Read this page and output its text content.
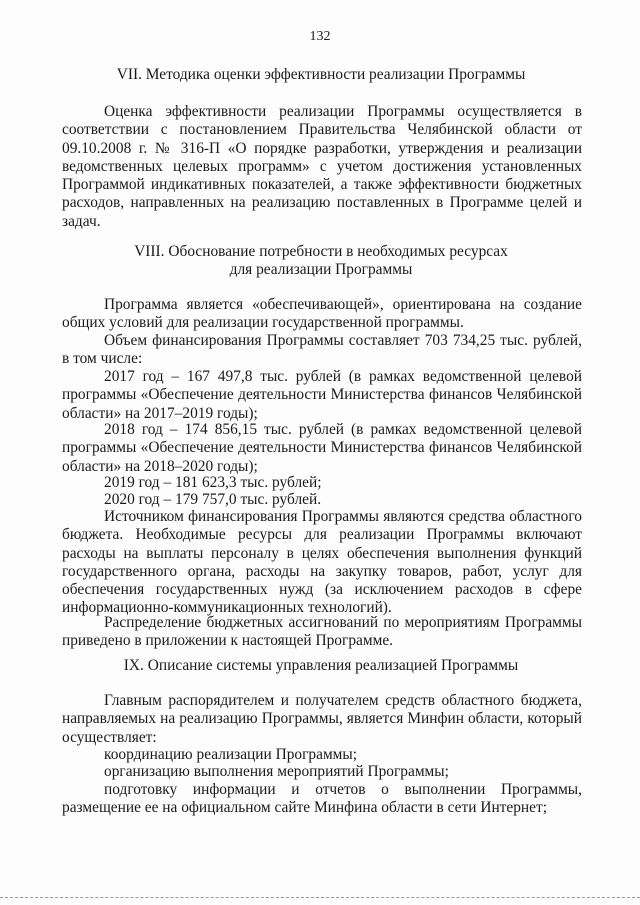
132
VII. Методика оценки эффективности реализации Программы
Оценка эффективности реализации Программы осуществляется в соответствии с постановлением Правительства Челябинской области от 09.10.2008 г. № 316-П «О порядке разработки, утверждения и реализации ведомственных целевых программ» с учетом достижения установленных Программой индикативных показателей, а также эффективности бюджетных расходов, направленных на реализацию поставленных в Программе целей и задач.
VIII. Обоснование потребности в необходимых ресурсах
для реализации Программы
Программа является «обеспечивающей», ориентирована на создание общих условий для реализации государственной программы.
Объем финансирования Программы составляет 703 734,25 тыс. рублей, в том числе:
2017 год – 167 497,8 тыс. рублей (в рамках ведомственной целевой программы «Обеспечение деятельности Министерства финансов Челябинской области» на 2017–2019 годы);
2018 год – 174 856,15 тыс. рублей (в рамках ведомственной целевой программы «Обеспечение деятельности Министерства финансов Челябинской области» на 2018–2020 годы);
2019 год – 181 623,3 тыс. рублей;
2020 год – 179 757,0 тыс. рублей.
Источником финансирования Программы являются средства областного бюджета. Необходимые ресурсы для реализации Программы включают расходы на выплаты персоналу в целях обеспечения выполнения функций государственного органа, расходы на закупку товаров, работ, услуг для обеспечения государственных нужд (за исключением расходов в сфере информационно-коммуникационных технологий).
Распределение бюджетных ассигнований по мероприятиям Программы приведено в приложении к настоящей Программе.
IX. Описание системы управления реализацией Программы
Главным распорядителем и получателем средств областного бюджета, направляемых на реализацию Программы, является Минфин области, который осуществляет:
координацию реализации Программы;
организацию выполнения мероприятий Программы;
подготовку информации и отчетов о выполнении Программы, размещение ее на официальном сайте Минфина области в сети Интернет;
